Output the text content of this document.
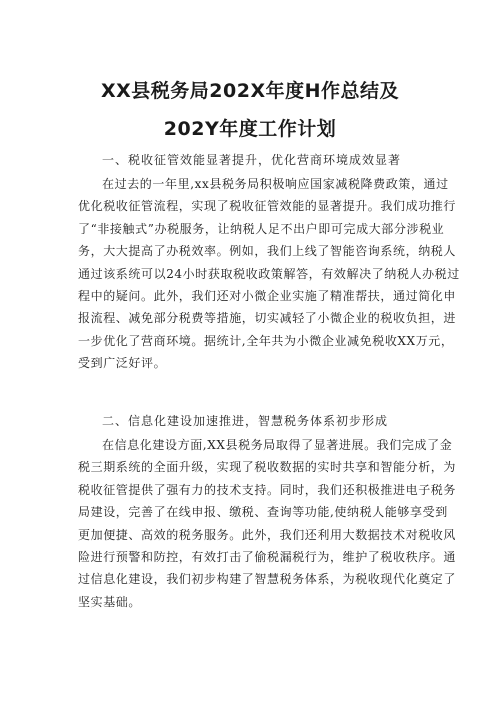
XX县税务局202X年度H作总结及
202Y年度工作计划
一、税收征管效能显著提升，优化营商环境成效显著
在过去的一年里,xx县税务局积极响应国家减税降费政策，通过
优化税收征管流程，实现了税收征管效能的显著提升。我们成功推行
了“非接触式”办税服务，让纳税人足不出户即可完成大部分涉税业
务，大大提高了办税效率。例如，我们上线了智能咨询系统，纳税人
通过该系统可以24小时获取税收政策解答，有效解决了纳税人办税过
程中的疑问。此外，我们还对小微企业实施了精准帮扶，通过简化申
报流程、减免部分税费等措施，切实减轻了小微企业的税收负担，进
一步优化了营商环境。据统计,全年共为小微企业减免税收XX万元，
受到广泛好评。
二、信息化建设加速推进，智慧税务体系初步形成
在信息化建设方面,XX县税务局取得了显著进展。我们完成了金
税三期系统的全面升级，实现了税收数据的实时共享和智能分析，为
税收征管提供了强有力的技术支持。同时，我们还积极推进电子税务
局建设，完善了在线申报、缴税、查询等功能,使纳税人能够享受到
更加便捷、高效的税务服务。此外，我们还利用大数据技术对税收风
险进行预警和防控，有效打击了偷税漏税行为，维护了税收秩序。通
过信息化建设，我们初步构建了智慧税务体系，为税收现代化奠定了
坚实基础。
